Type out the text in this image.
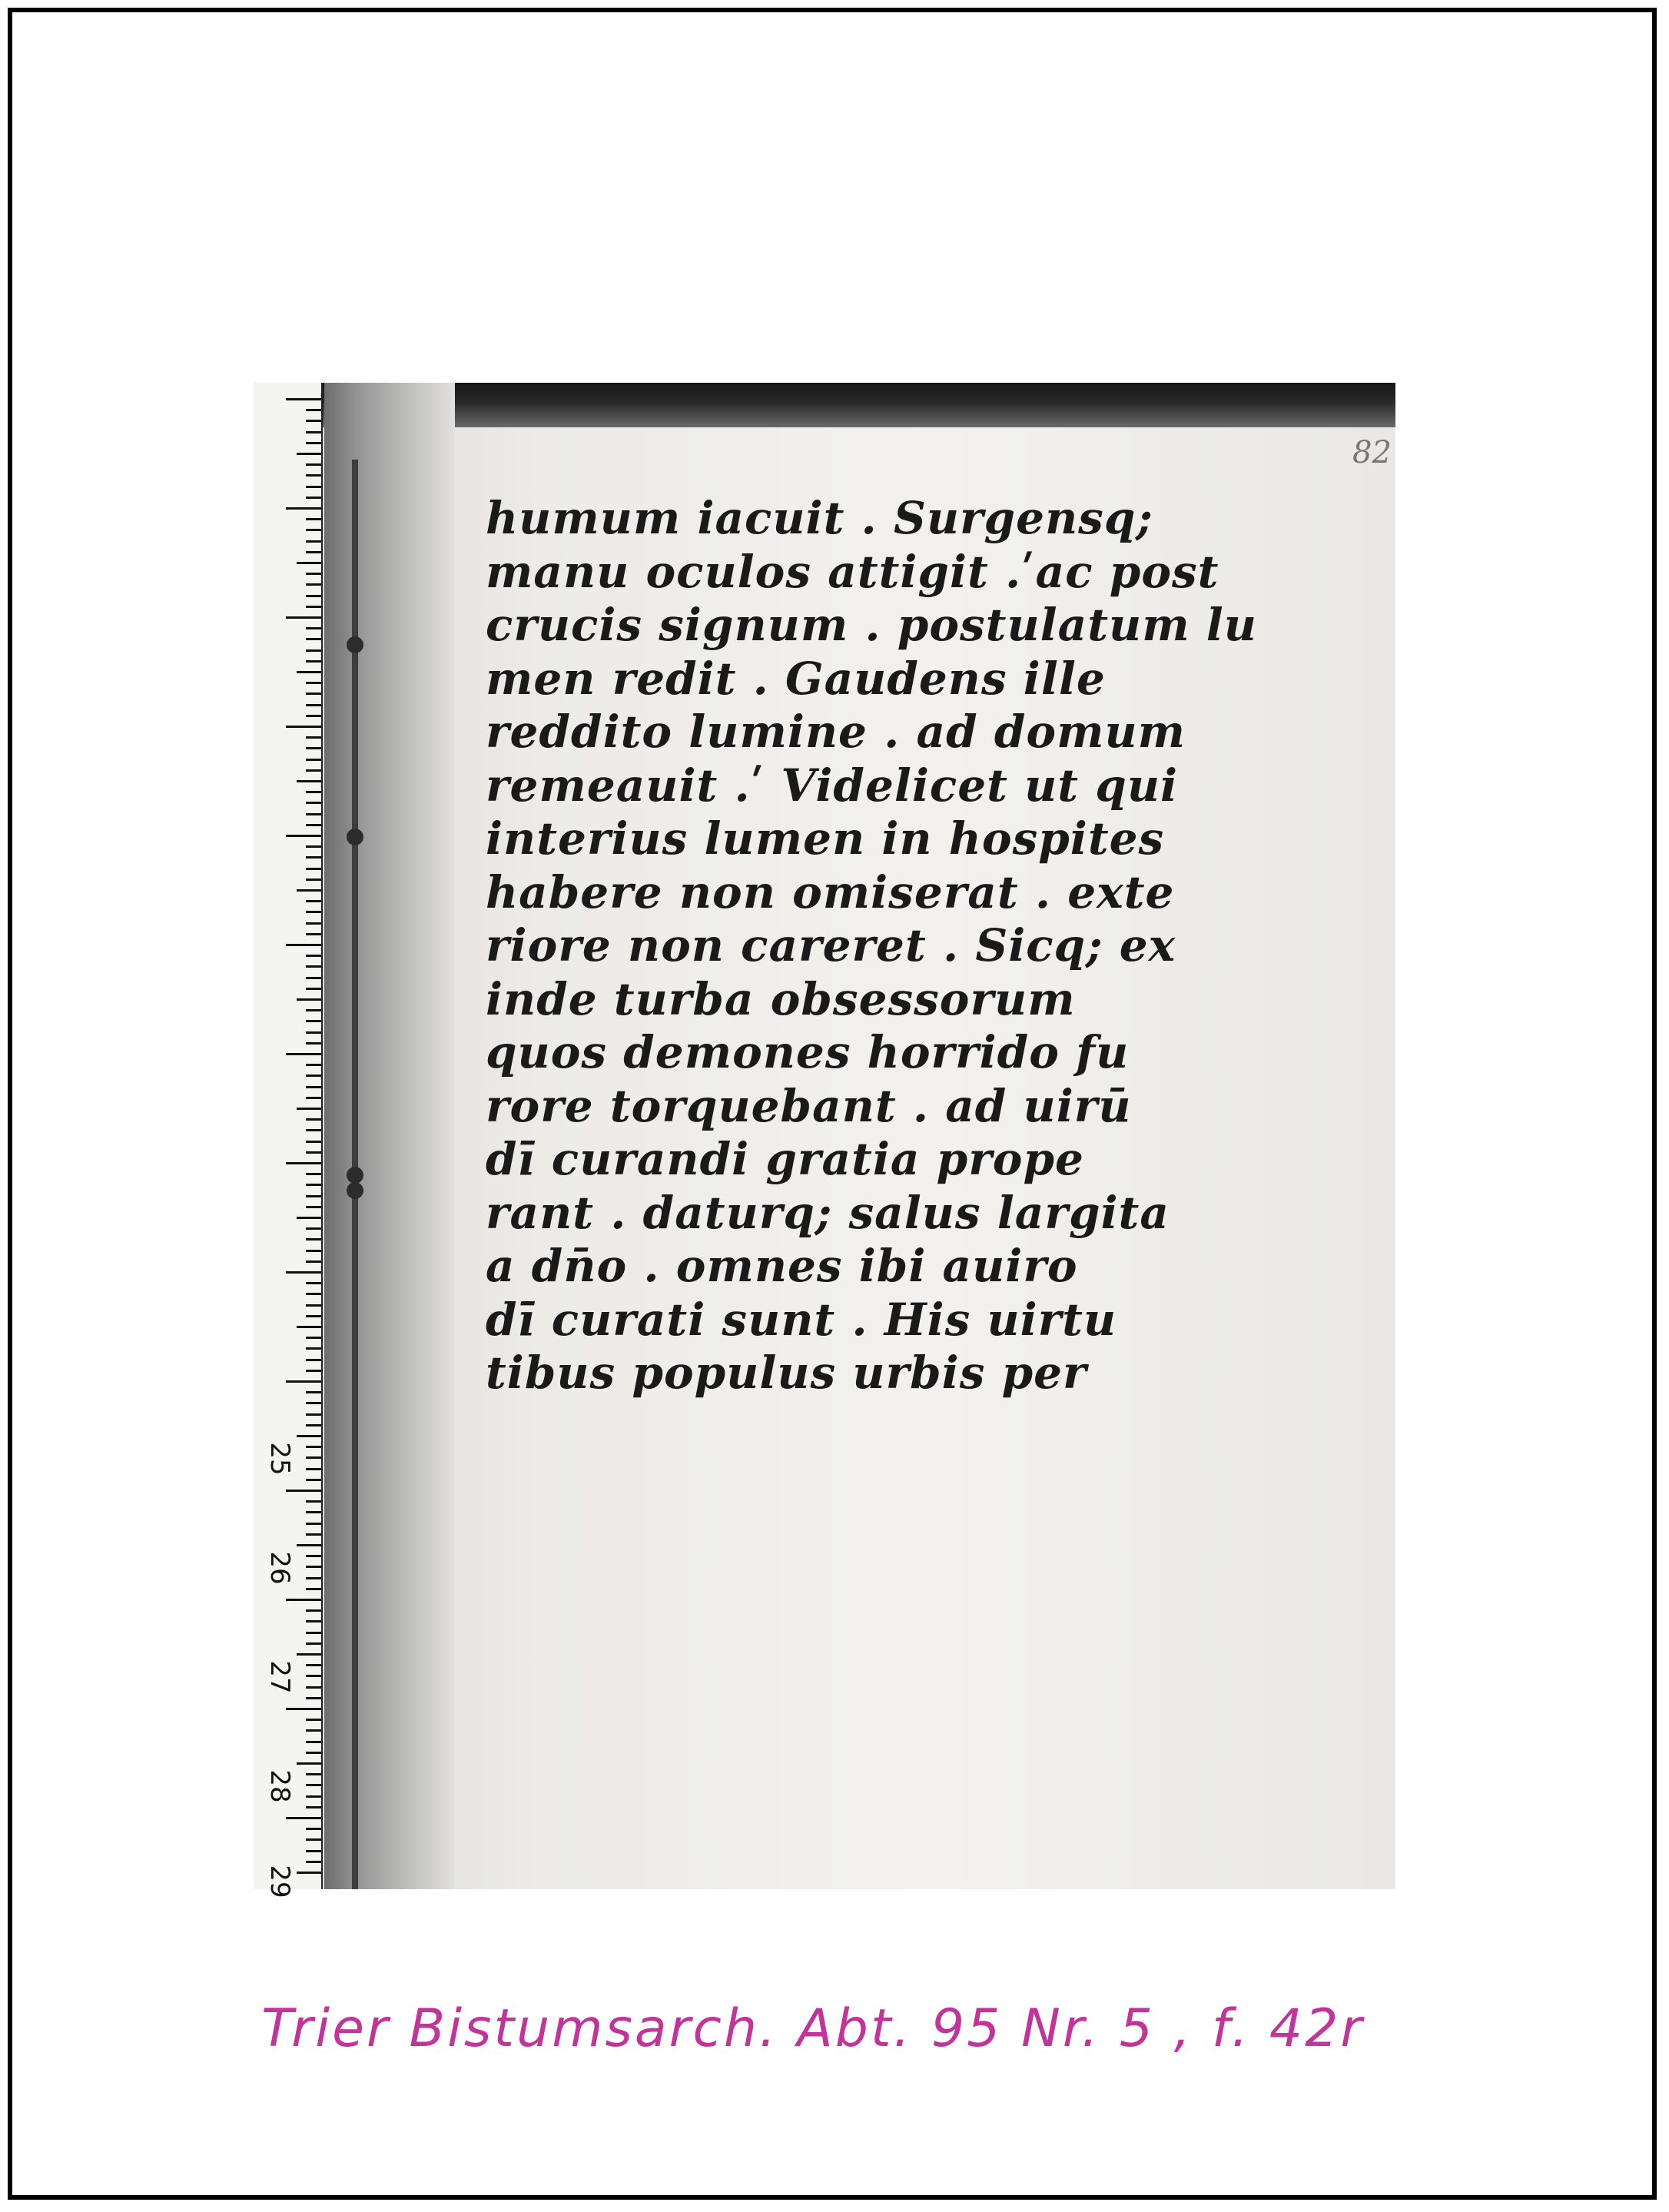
25
26
27
28
29
82
humum iacuit . Surgensq;
manu oculos attigit .ʹac post
crucis signum . postulatum lu
men redit . Gaudens ille
reddito lumine . ad domum
remeauit .ʹ Videlicet ut qui
interius lumen in hospites
habere non omiserat . exte
riore non careret . Sicq; ex
inde turba obsessorum
quos demones horrido fu
rore torquebant . ad uirū
dī curandi gratia prope
rant . daturq; salus largita
a dn̄o . omnes ibi auiro
dī curati sunt . His uirtu
tibus populus urbis per
Trier Bistumsarch. Abt. 95 Nr. 5 , f. 42r
